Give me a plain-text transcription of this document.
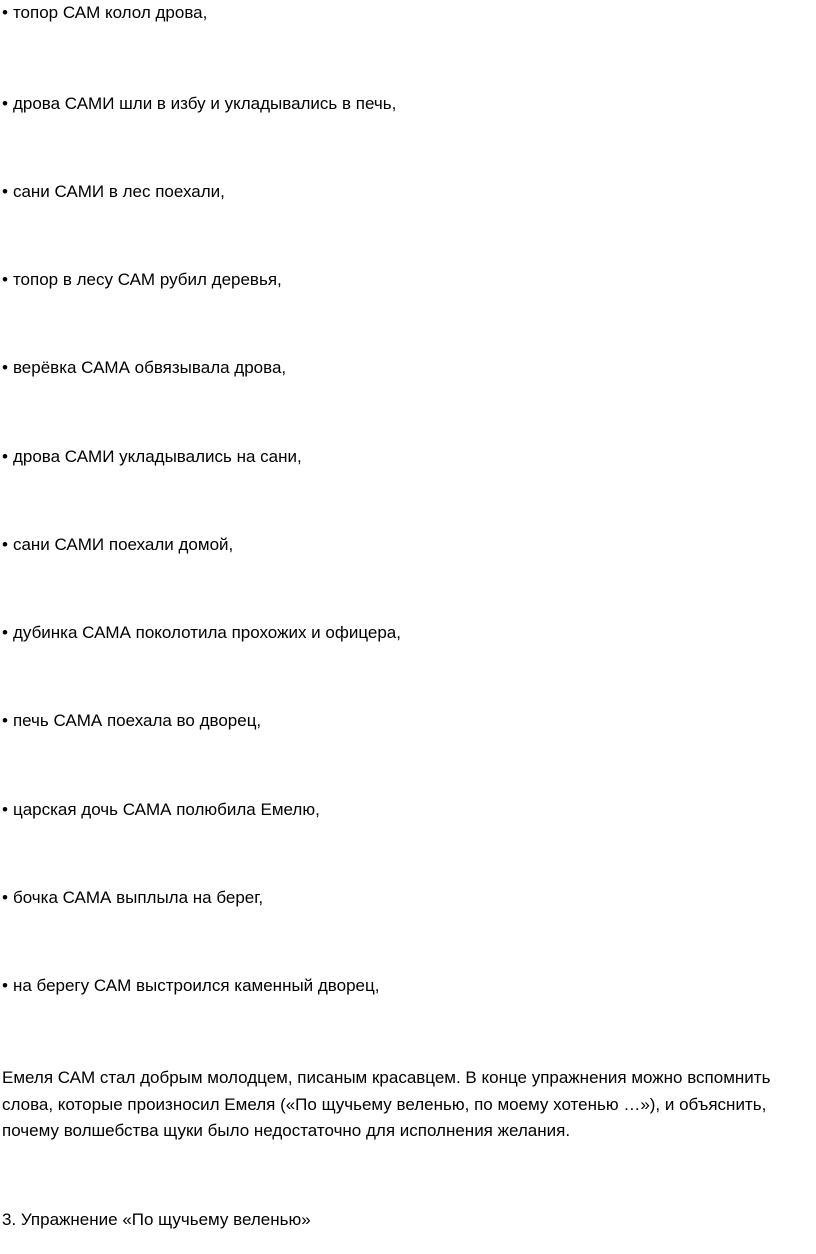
• топор САМ колол дрова,
• дрова САМИ шли в избу и укладывались в печь,
• сани САМИ в лес поехали,
• топор в лесу САМ рубил деревья,
• верёвка САМА обвязывала дрова,
• дрова САМИ укладывались на сани,
• сани САМИ поехали домой,
• дубинка САМА поколотила прохожих и офицера,
• печь САМА поехала во дворец,
• царская дочь САМА полюбила Емелю,
• бочка САМА выплыла на берег,
• на берегу САМ выстроился каменный дворец,
Емеля САМ стал добрым молодцем, писаным красавцем. В конце упражнения можно вспомнить слова, которые произносил Емеля («По щучьему веленью, по моему хотенью …»), и объяснить, почему волшебства щуки было недостаточно для исполнения желания.
3. Упражнение «По щучьему веленью»
